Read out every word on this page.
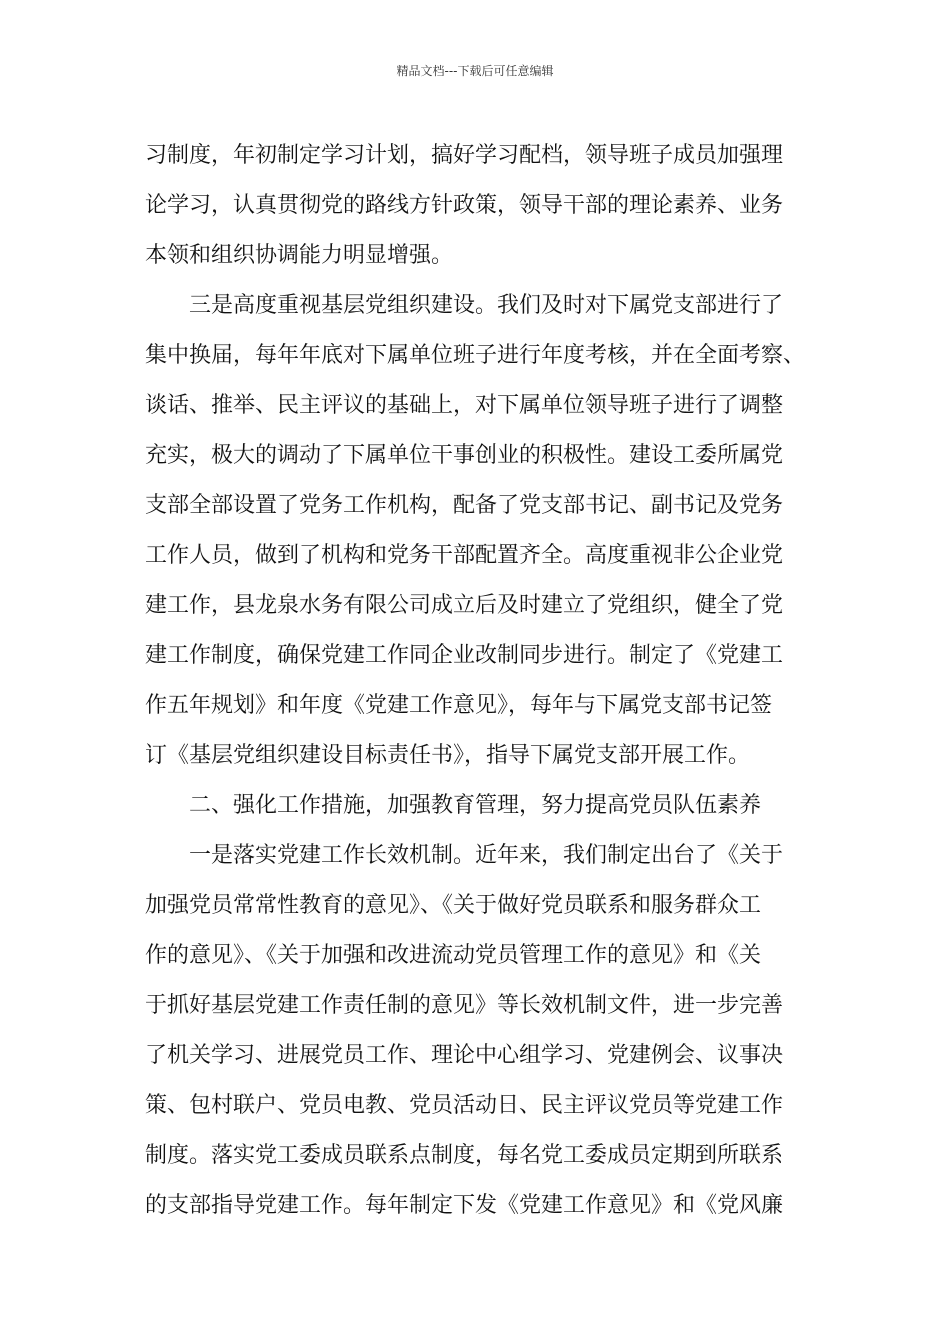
精品文档---下载后可任意编辑
习制度，年初制定学习计划，搞好学习配档，领导班子成员加强理
论学习，认真贯彻党的路线方针政策，领导干部的理论素养、业务
本领和组织协调能力明显增强。
三是高度重视基层党组织建设。我们及时对下属党支部进行了
集中换届，每年年底对下属单位班子进行年度考核，并在全面考察、
谈话、推举、民主评议的基础上，对下属单位领导班子进行了调整
充实，极大的调动了下属单位干事创业的积极性。建设工委所属党
支部全部设置了党务工作机构，配备了党支部书记、副书记及党务
工作人员，做到了机构和党务干部配置齐全。高度重视非公企业党
建工作，县龙泉水务有限公司成立后及时建立了党组织，健全了党
建工作制度，确保党建工作同企业改制同步进行。制定了《党建工
作五年规划》和年度《党建工作意见》，每年与下属党支部书记签
订《基层党组织建设目标责任书》，指导下属党支部开展工作。
二、强化工作措施，加强教育管理，努力提高党员队伍素养
一是落实党建工作长效机制。近年来，我们制定出台了《关于
加强党员常常性教育的意见》、《关于做好党员联系和服务群众工
作的意见》、《关于加强和改进流动党员管理工作的意见》和《关
于抓好基层党建工作责任制的意见》等长效机制文件，进一步完善
了机关学习、进展党员工作、理论中心组学习、党建例会、议事决
策、包村联户、党员电教、党员活动日、民主评议党员等党建工作
制度。落实党工委成员联系点制度，每名党工委成员定期到所联系
的支部指导党建工作。每年制定下发《党建工作意见》和《党风廉
